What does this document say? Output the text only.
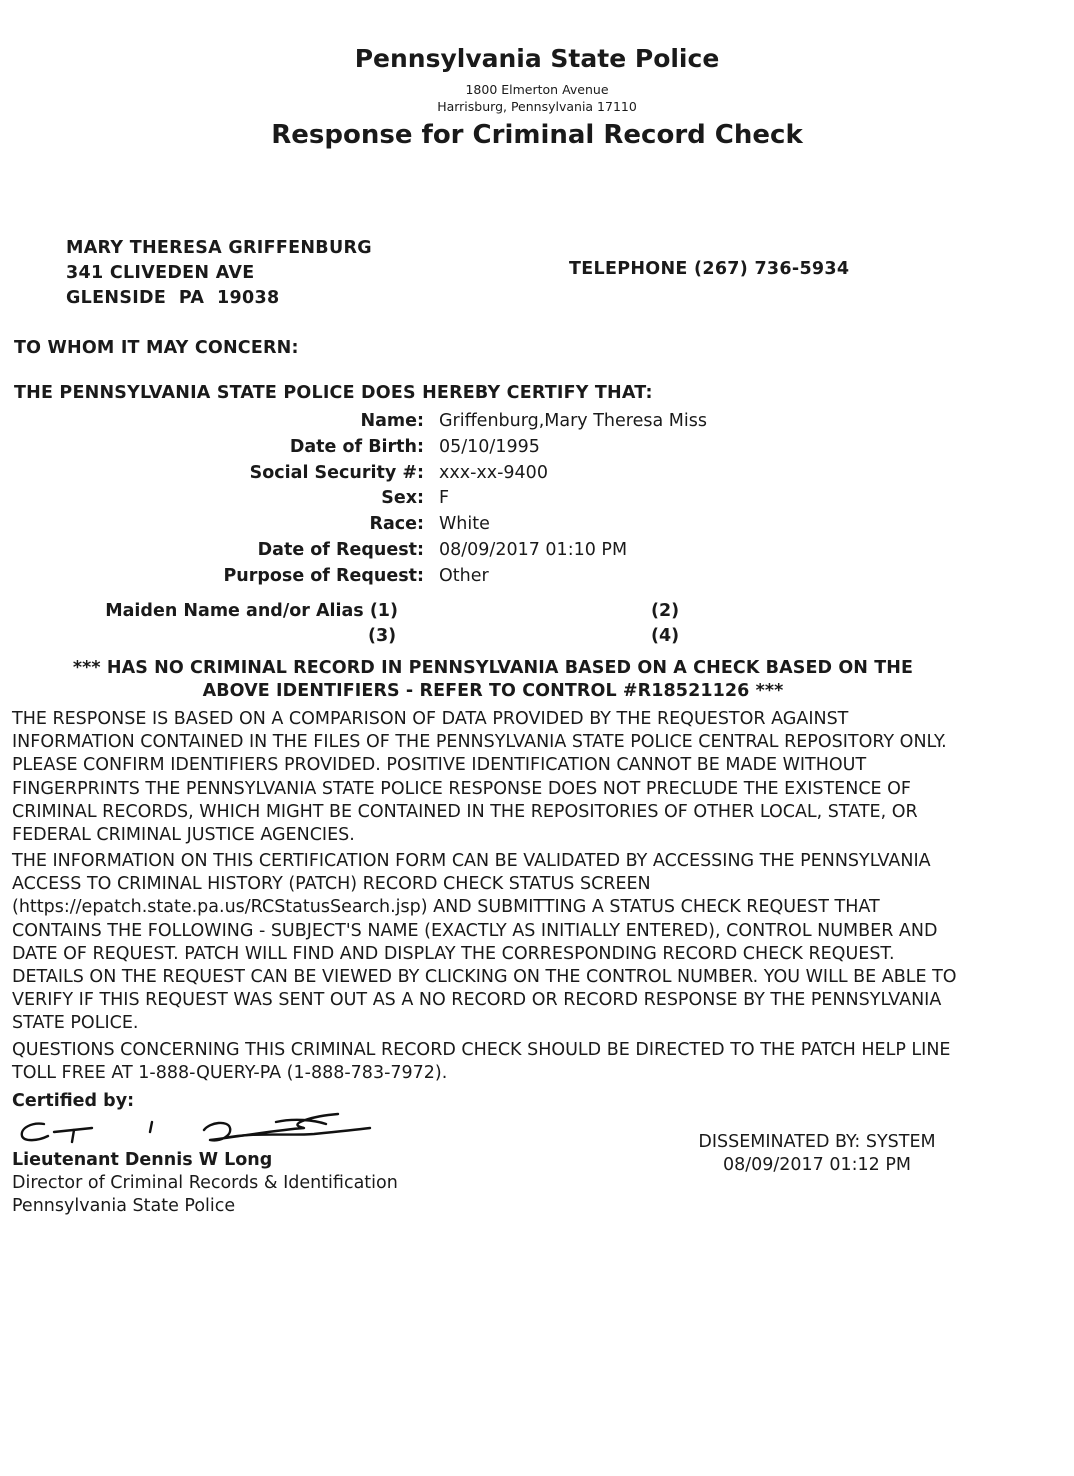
Pennsylvania State Police
1800 Elmerton Avenue
Harrisburg, Pennsylvania 17110
Response for Criminal Record Check
MARY THERESA GRIFFENBURG
341 CLIVEDEN AVE
GLENSIDE  PA  19038
TELEPHONE (267) 736-5934
TO WHOM IT MAY CONCERN:
THE PENNSYLVANIA STATE POLICE DOES HEREBY CERTIFY THAT:
Name: Griffenburg,Mary Theresa Miss
Date of Birth: 05/10/1995
Social Security #: xxx-xx-9400
Sex: F
Race: White
Date of Request: 08/09/2017 01:10 PM
Purpose of Request: Other
Maiden Name and/or Alias (1)	(2)
(3)	(4)
*** HAS NO CRIMINAL RECORD IN PENNSYLVANIA BASED ON A CHECK BASED ON THE
ABOVE IDENTIFIERS - REFER TO CONTROL #R18521126 ***
THE RESPONSE IS BASED ON A COMPARISON OF DATA PROVIDED BY THE REQUESTOR AGAINST INFORMATION CONTAINED IN THE FILES OF THE PENNSYLVANIA STATE POLICE CENTRAL REPOSITORY ONLY. PLEASE CONFIRM IDENTIFIERS PROVIDED. POSITIVE IDENTIFICATION CANNOT BE MADE WITHOUT FINGERPRINTS THE PENNSYLVANIA STATE POLICE RESPONSE DOES NOT PRECLUDE THE EXISTENCE OF CRIMINAL RECORDS, WHICH MIGHT BE CONTAINED IN THE REPOSITORIES OF OTHER LOCAL, STATE, OR FEDERAL CRIMINAL JUSTICE AGENCIES.
THE INFORMATION ON THIS CERTIFICATION FORM CAN BE VALIDATED BY ACCESSING THE PENNSYLVANIA ACCESS TO CRIMINAL HISTORY (PATCH) RECORD CHECK STATUS SCREEN (https://epatch.state.pa.us/RCStatusSearch.jsp) AND SUBMITTING A STATUS CHECK REQUEST THAT CONTAINS THE FOLLOWING - SUBJECT'S NAME (EXACTLY AS INITIALLY ENTERED), CONTROL NUMBER AND DATE OF REQUEST. PATCH WILL FIND AND DISPLAY THE CORRESPONDING RECORD CHECK REQUEST. DETAILS ON THE REQUEST CAN BE VIEWED BY CLICKING ON THE CONTROL NUMBER. YOU WILL BE ABLE TO VERIFY IF THIS REQUEST WAS SENT OUT AS A NO RECORD OR RECORD RESPONSE BY THE PENNSYLVANIA STATE POLICE.
QUESTIONS CONCERNING THIS CRIMINAL RECORD CHECK SHOULD BE DIRECTED TO THE PATCH HELP LINE TOLL FREE AT 1-888-QUERY-PA (1-888-783-7972).
Certified by:
Lieutenant Dennis W Long
Director of Criminal Records & Identification
Pennsylvania State Police
DISSEMINATED BY: SYSTEM
08/09/2017 01:12 PM
